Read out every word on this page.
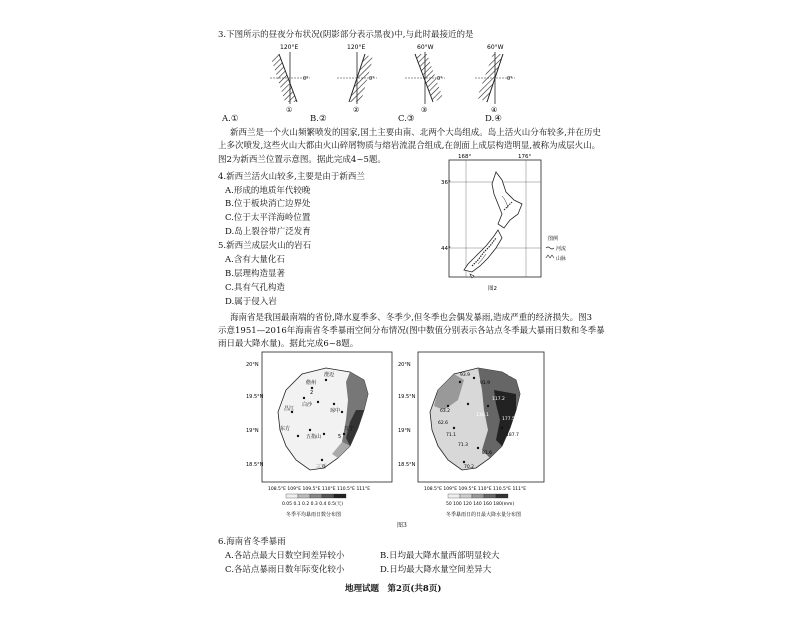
3.下图所示的昼夜分布状况(阴影部分表示黑夜)中,与此时最接近的是
120°E
0°
①
120°E
0°
②
60°W
0°
③
60°W
0°
④
A.①	B.②	C.③	D.④
新西兰是一个火山频繁喷发的国家,国土主要由南、北两个大岛组成。岛上活火山分布较多,并在历史
上多次喷发,这些火山大都由火山碎屑物质与熔岩流混合组成,在剖面上成层构造明显,被称为成层火山。
图2为新西兰位置示意图。据此完成4~5题。
4.新西兰活火山较多,主要是由于新西兰
A.形成的地质年代较晚
B.位于板块消亡边界处
C.位于太平洋海岭位置
D.岛上裂谷带广泛发育
5.新西兰成层火山的岩石
A.含有大量化石
B.层理构造显著
C.具有气孔构造
D.属于侵入岩
168°	176°
36°
44°
图例
河流
山脉
图2
海南省是我国最南端的省份,降水夏季多、冬季少,但冬季也会偶发暴雨,造成严重的经济损失。图3
示意1951—2016年海南省冬季暴雨空间分布情况(图中数值分别表示各站点冬季最大暴雨日数和冬季暴
雨日最大降水量)。据此完成6~8题。
20°N
19.5°N
19°N
18.5°N
儋州
澄迈
昌江
白沙
琼中
东方
五指山
万宁
三亚
2
5
108.5°E 109°E 109.5°E 110°E 110.5°E 111°E
0.05 0.1 0.2 0.3 0.4 0.5(天)
冬季平均暴雨日数分布图
20°N
19.5°N
19°N
18.5°N
156.1
93.9
91.9
63.2
71.1
117.2
130.1
177.5
187.7
62.6
71.3
81.6
70.2
108.5°E 109°E 109.5°E 110°E 110.5°E 111°E
50 100 120 140 160 180(mm)
冬季暴雨日的日最大降水量分布图
图3
6.海南省冬季暴雨
A.各站点最大日数空间差异较小	B.日均最大降水量西部明显较大
C.各站点暴雨日数年际变化较小	D.日均最大降水量空间差异大
地理试题　第2页(共8页)
